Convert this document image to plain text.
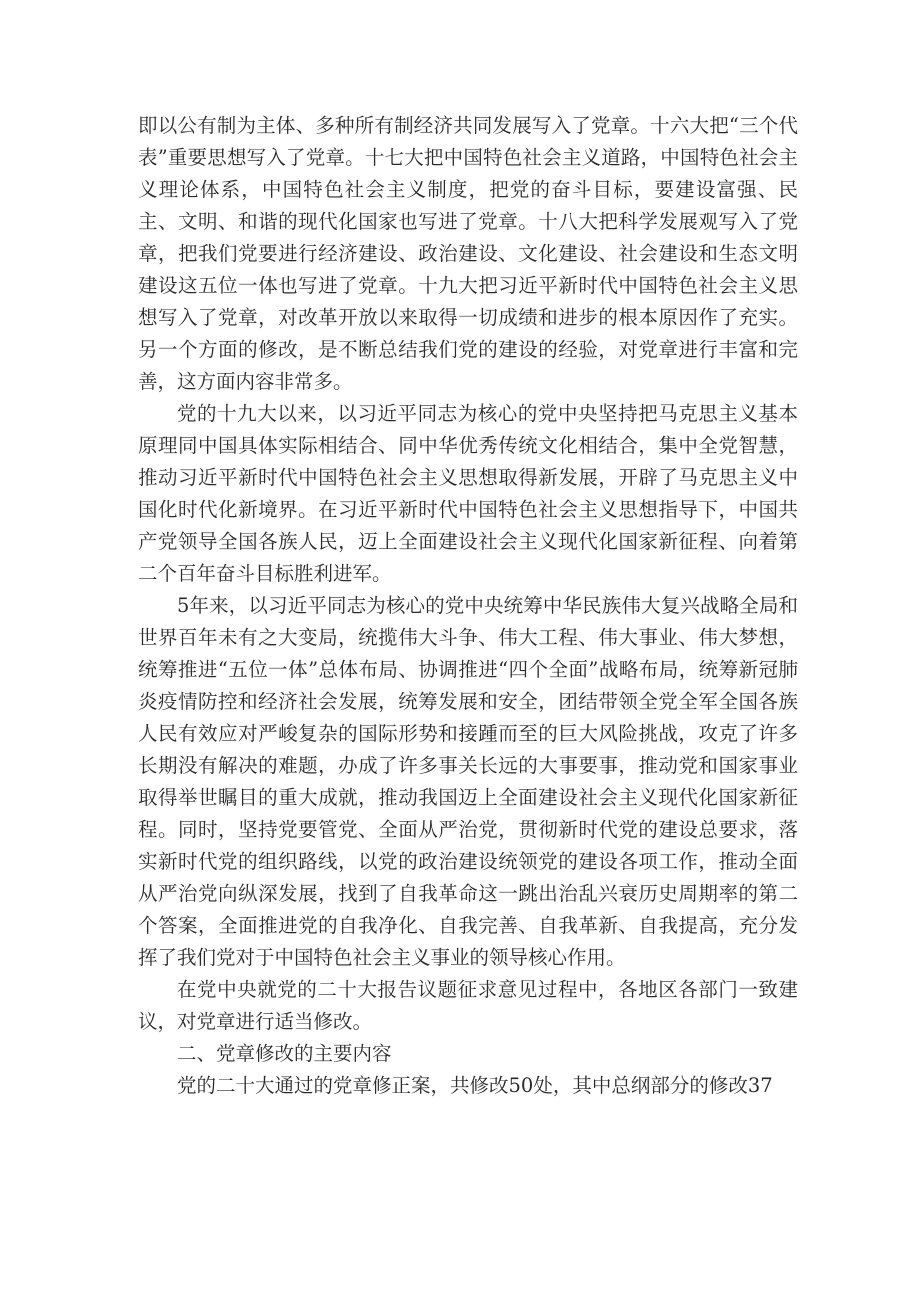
即以公有制为主体、多种所有制经济共同发展写入了党章。十六大把“三个代表”重要思想写入了党章。十七大把中国特色社会主义道路，中国特色社会主义理论体系，中国特色社会主义制度，把党的奋斗目标，要建设富强、民主、文明、和谐的现代化国家也写进了党章。十八大把科学发展观写入了党章，把我们党要进行经济建设、政治建设、文化建设、社会建设和生态文明建设这五位一体也写进了党章。十九大把习近平新时代中国特色社会主义思想写入了党章，对改革开放以来取得一切成绩和进步的根本原因作了充实。另一个方面的修改，是不断总结我们党的建设的经验，对党章进行丰富和完善，这方面内容非常多。

党的十九大以来，以习近平同志为核心的党中央坚持把马克思主义基本原理同中国具体实际相结合、同中华优秀传统文化相结合，集中全党智慧，推动习近平新时代中国特色社会主义思想取得新发展，开辟了马克思主义中国化时代化新境界。在习近平新时代中国特色社会主义思想指导下，中国共产党领导全国各族人民，迈上全面建设社会主义现代化国家新征程、向着第二个百年奋斗目标胜利进军。

5年来，以习近平同志为核心的党中央统筹中华民族伟大复兴战略全局和世界百年未有之大变局，统揽伟大斗争、伟大工程、伟大事业、伟大梦想，统筹推进“五位一体”总体布局、协调推进“四个全面”战略布局，统筹新冠肺炎疫情防控和经济社会发展，统筹发展和安全，团结带领全党全军全国各族人民有效应对严峻复杂的国际形势和接踵而至的巨大风险挑战，攻克了许多长期没有解决的难题，办成了许多事关长远的大事要事，推动党和国家事业取得举世瞩目的重大成就，推动我国迈上全面建设社会主义现代化国家新征程。同时，坚持党要管党、全面从严治党，贯彻新时代党的建设总要求，落实新时代党的组织路线，以党的政治建设统领党的建设各项工作，推动全面从严治党向纵深发展，找到了自我革命这一跳出治乱兴衰历史周期率的第二个答案，全面推进党的自我净化、自我完善、自我革新、自我提高，充分发挥了我们党对于中国特色社会主义事业的领导核心作用。

在党中央就党的二十大报告议题征求意见过程中，各地区各部门一致建议，对党章进行适当修改。

二、党章修改的主要内容

党的二十大通过的党章修正案，共修改50处，其中总纲部分的修改37
